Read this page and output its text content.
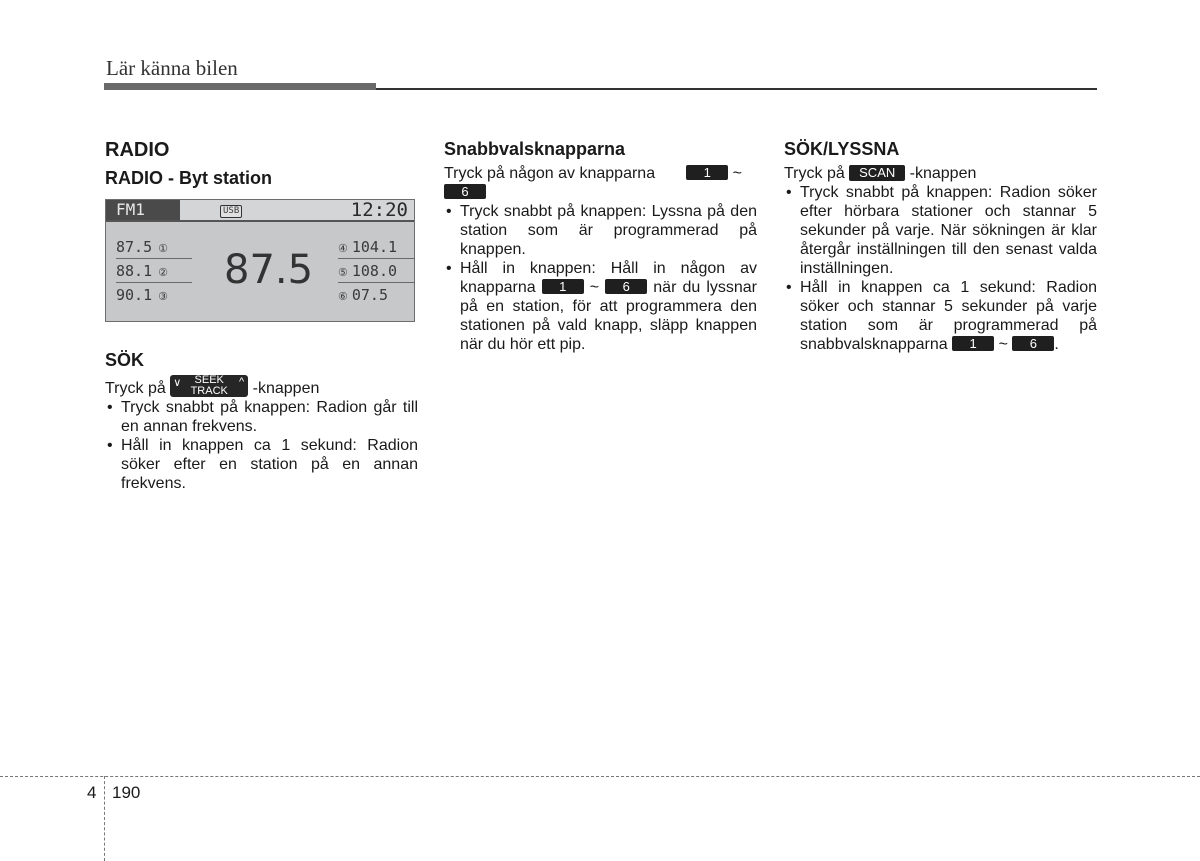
Lär känna bilen
RADIO
RADIO - Byt station
FM1	USB	12:20
87.5 ①
88.1 ②
90.1 ③
④ 104.1
⑤ 108.0
⑥ 07.5
87.5
SÖK

Tryck på ∨	SEEK
TRACK
^ -knappen

• Tryck snabbt på knappen: Radion går till en annan frekvens.
• Håll in knappen ca 1 sekund: Radion söker efter en station på en annan frekvens.
Snabbvalsknapparna

Tryck på någon av knapparna	1 ~
6

• Tryck snabbt på knappen: Lyssna på den station som är programmerad på knappen.
• Håll in knappen: Håll in någon av knapparna 1 ~ 6 när du lyssnar på en station, för att programmera den stationen på vald knapp, släpp knappen när du hör ett pip.
SÖK/LYSSNA

Tryck på SCAN -knappen

• Tryck snabbt på knappen: Radion söker efter hörbara stationer och stannar 5 sekunder på varje. När sökningen är klar återgår inställningen till den senast valda inställningen.
• Håll in knappen ca 1 sekund: Radion söker och stannar 5 sekunder på varje station som är programmerad på snabbvalsknapparna 1 ~ 6 .
4 190
